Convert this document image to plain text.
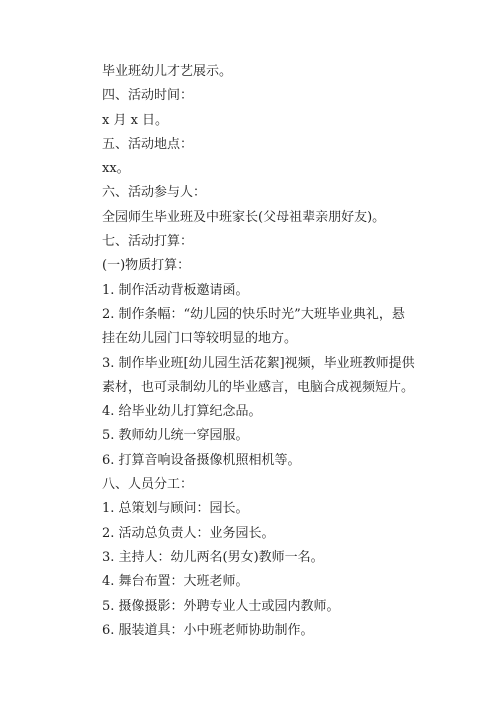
毕业班幼儿才艺展示。
四、活动时间：
x 月 x 日。
五、活动地点：
xx。
六、活动参与人：
全园师生毕业班及中班家长(父母祖辈亲朋好友)。
七、活动打算：
(一)物质打算：
1. 制作活动背板邀请函。
2. 制作条幅：“幼儿园的快乐时光”大班毕业典礼，悬
挂在幼儿园门口等较明显的地方。
3. 制作毕业班[幼儿园生活花絮]视频，毕业班教师提供
素材，也可录制幼儿的毕业感言，电脑合成视频短片。
4. 给毕业幼儿打算纪念品。
5. 教师幼儿统一穿园服。
6. 打算音响设备摄像机照相机等。
八、人员分工：
1. 总策划与顾问：园长。
2. 活动总负责人：业务园长。
3. 主持人：幼儿两名(男女)教师一名。
4. 舞台布置：大班老师。
5. 摄像摄影：外聘专业人士或园内教师。
6. 服装道具：小中班老师协助制作。
